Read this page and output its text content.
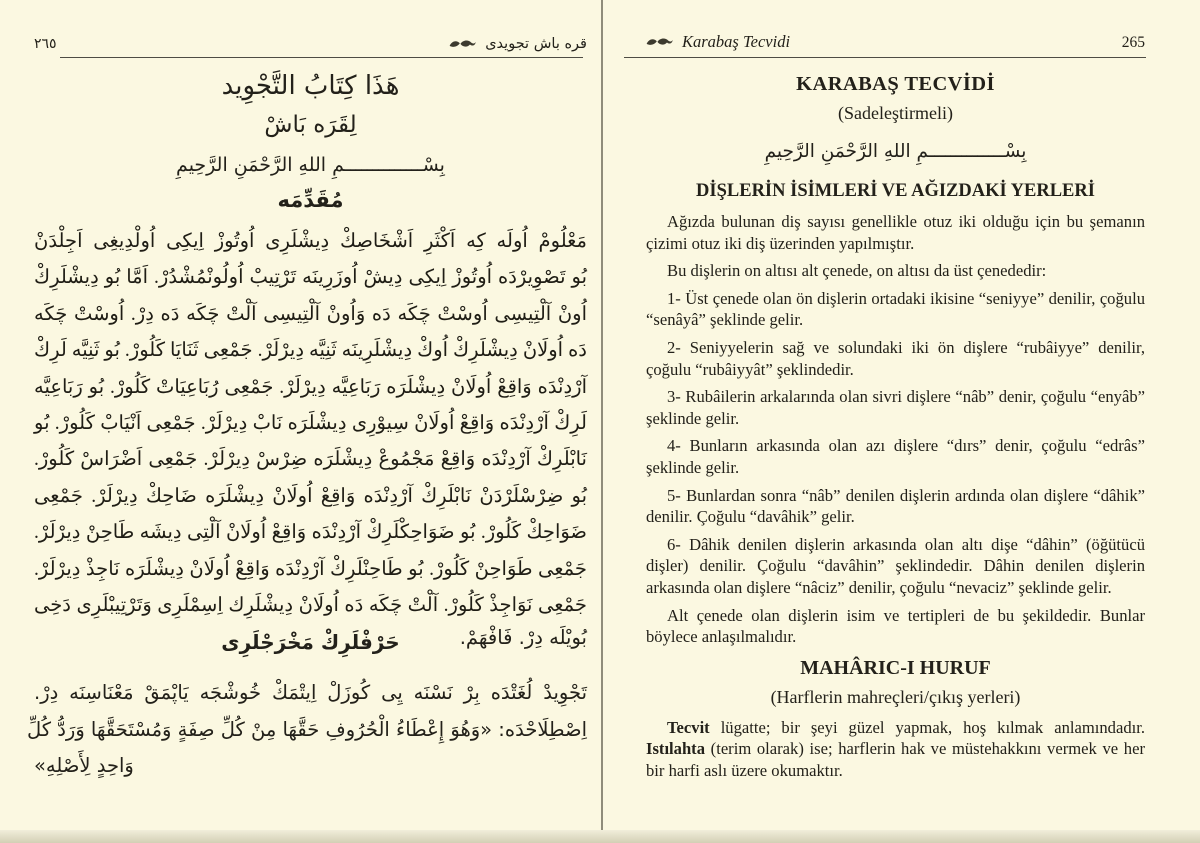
٢٦٥	قره باش تجويدى
هَذَا كِتَابُ التَّجْوِيد
لِقَرَه بَاشْ
بِسْــــــــــــــمِ اللهِ الرَّحْمَنِ الرَّحِيمِ
مُقَدِّمَه
مَعْلُومْ اُولَه كِه اَكْثَرِ اَشْخَاصِكْ دِيشْلَرِى اُوتُوزْ اِيكِى اُولْدِيغِى اَجِلْدَنْ
بُو تَصْوِيرْدَه اُوتُوزْ اِيكِى دِيشْ اُوزَرِينَه تَرْتِيبْ اُولُونْمُشْدُرْ. اَمَّا بُو دِيشْلَرِكْ
اُونْ آلْتِيسِى اُوسْتْ چَكَه دَه وَاُونْ آلْتِيسِى آلْتْ چَكَه دَه دِرْ. اُوسْتْ چَكَه
دَه اُولَانْ دِيشْلَرِكْ اُوكْ دِيشْلَرِينَه ثَنِيَّه دِيرْلَرْ. جَمْعِى ثَنَايَا كَلُورْ. بُو ثَنِيَّه لَرِكْ
آرْدِنْدَه وَاقِعْ اُولَانْ دِيشْلَرَه رَبَاعِيَّه دِيرْلَرْ. جَمْعِى رُبَاعِيَاتْ كَلُورْ. بُو رَبَاعِيَّه
لَرِكْ آرْدِنْدَه وَاقِعْ اُولَانْ سِيوْرِى دِيشْلَرَه نَابْ دِيرْلَرْ. جَمْعِى اَنْيَابْ كَلُورْ. بُو
نَابْلَرِكْ آرْدِنْدَه وَاقِعْ مَجْمُوعْ دِيشْلَرَه ضِرْسْ دِيرْلَرْ. جَمْعِى اَضْرَاسْ كَلُورْ.
بُو ضِرْسْلَرْدَنْ نَابْلَرِكْ آرْدِنْدَه وَاقِعْ اُولَانْ دِيشْلَرَه ضَاحِكْ دِيرْلَرْ. جَمْعِى
ضَوَاحِكْ كَلُورْ. بُو ضَوَاحِكْلَرِكْ آرْدِنْدَه وَاقِعْ اُولَانْ آلْتِى دِيشَه طَاحِنْ دِيرْلَرْ.
جَمْعِى طَوَاحِنْ كَلُورْ. بُو طَاحِنْلَرِكْ آرْدِنْدَه وَاقِعْ اُولَانْ دِيشْلَرَه نَاجِذْ دِيرْلَرْ.
جَمْعِى نَوَاجِذْ كَلُورْ. آلْتْ چَكَه دَه اُولَانْ دِيشْلَرِك اِسِمْلَرِى وَتَرْتِيبْلَرِى دَخِى
بُويْلَه دِرْ. فَافْهَمْ.
حَرْفْلَرِكْ مَخْرَجْلَرِى
تَجْوِيدْ لُغَتْدَه بِرْ نَسْنَه يِى كُوزَلْ اِيتْمَكْ خُوشْجَه يَاپْمَقْ مَعْنَاسِنَه دِرْ.
اِصْطِلَاحْدَه: «وَهُوَ إِعْطَاءُ الْحُرُوفِ حَقَّهَا مِنْ كُلِّ صِفَةٍ وَمُسْتَحَقَّهَا وَرَدُّ كُلِّ
وَاحِدٍ لِأَصْلِهِ»
Karabaş Tecvidi	265
KARABAŞ TECVİDİ
(Sadeleştirmeli)
بِسْــــــــــــــمِ اللهِ الرَّحْمَنِ الرَّحِيمِ
DİŞLERİN İSİMLERİ VE AĞIZDAKİ YERLERİ

Ağızda bulunan diş sayısı genellikle otuz iki olduğu için bu şemanın çizimi otuz iki diş üzerinden yapılmıştır.

Bu dişlerin on altısı alt çenede, on altısı da üst çenededir:

1- Üst çenede olan ön dişlerin ortadaki ikisine “seniyye” denilir, çoğulu “senâyâ” şeklinde gelir.

2- Seniyyelerin sağ ve solundaki iki ön dişlere “rubâiyye” denilir, çoğulu “rubâiyyât” şeklindedir.

3- Rubâilerin arkalarında olan sivri dişlere “nâb” denir, çoğulu “enyâb” şeklinde gelir.

4- Bunların arkasında olan azı dişlere “dırs” denir, çoğulu “edrâs” şeklinde gelir.

5- Bunlardan sonra “nâb” denilen dişlerin ardında olan dişlere “dâhik” denilir. Çoğulu “davâhik” gelir.

6- Dâhik denilen dişlerin arkasında olan altı dişe “dâhin” (öğütücü dişler) denilir. Çoğulu “davâhin” şeklindedir. Dâhin denilen dişlerin arkasında olan dişlere “nâciz” denilir, çoğulu “nevaciz” şeklinde gelir.

Alt çenede olan dişlerin isim ve tertipleri de bu şekildedir. Bunlar böylece anlaşılmalıdır.

MAHÂRIC-I HURUF
(Harflerin mahreçleri/çıkış yerleri)

Tecvit lügatte; bir şeyi güzel yapmak, hoş kılmak anlamındadır. Istılahta (terim olarak) ise; harflerin hak ve müstehakkını vermek ve her bir harfi aslı üzere okumaktır.
